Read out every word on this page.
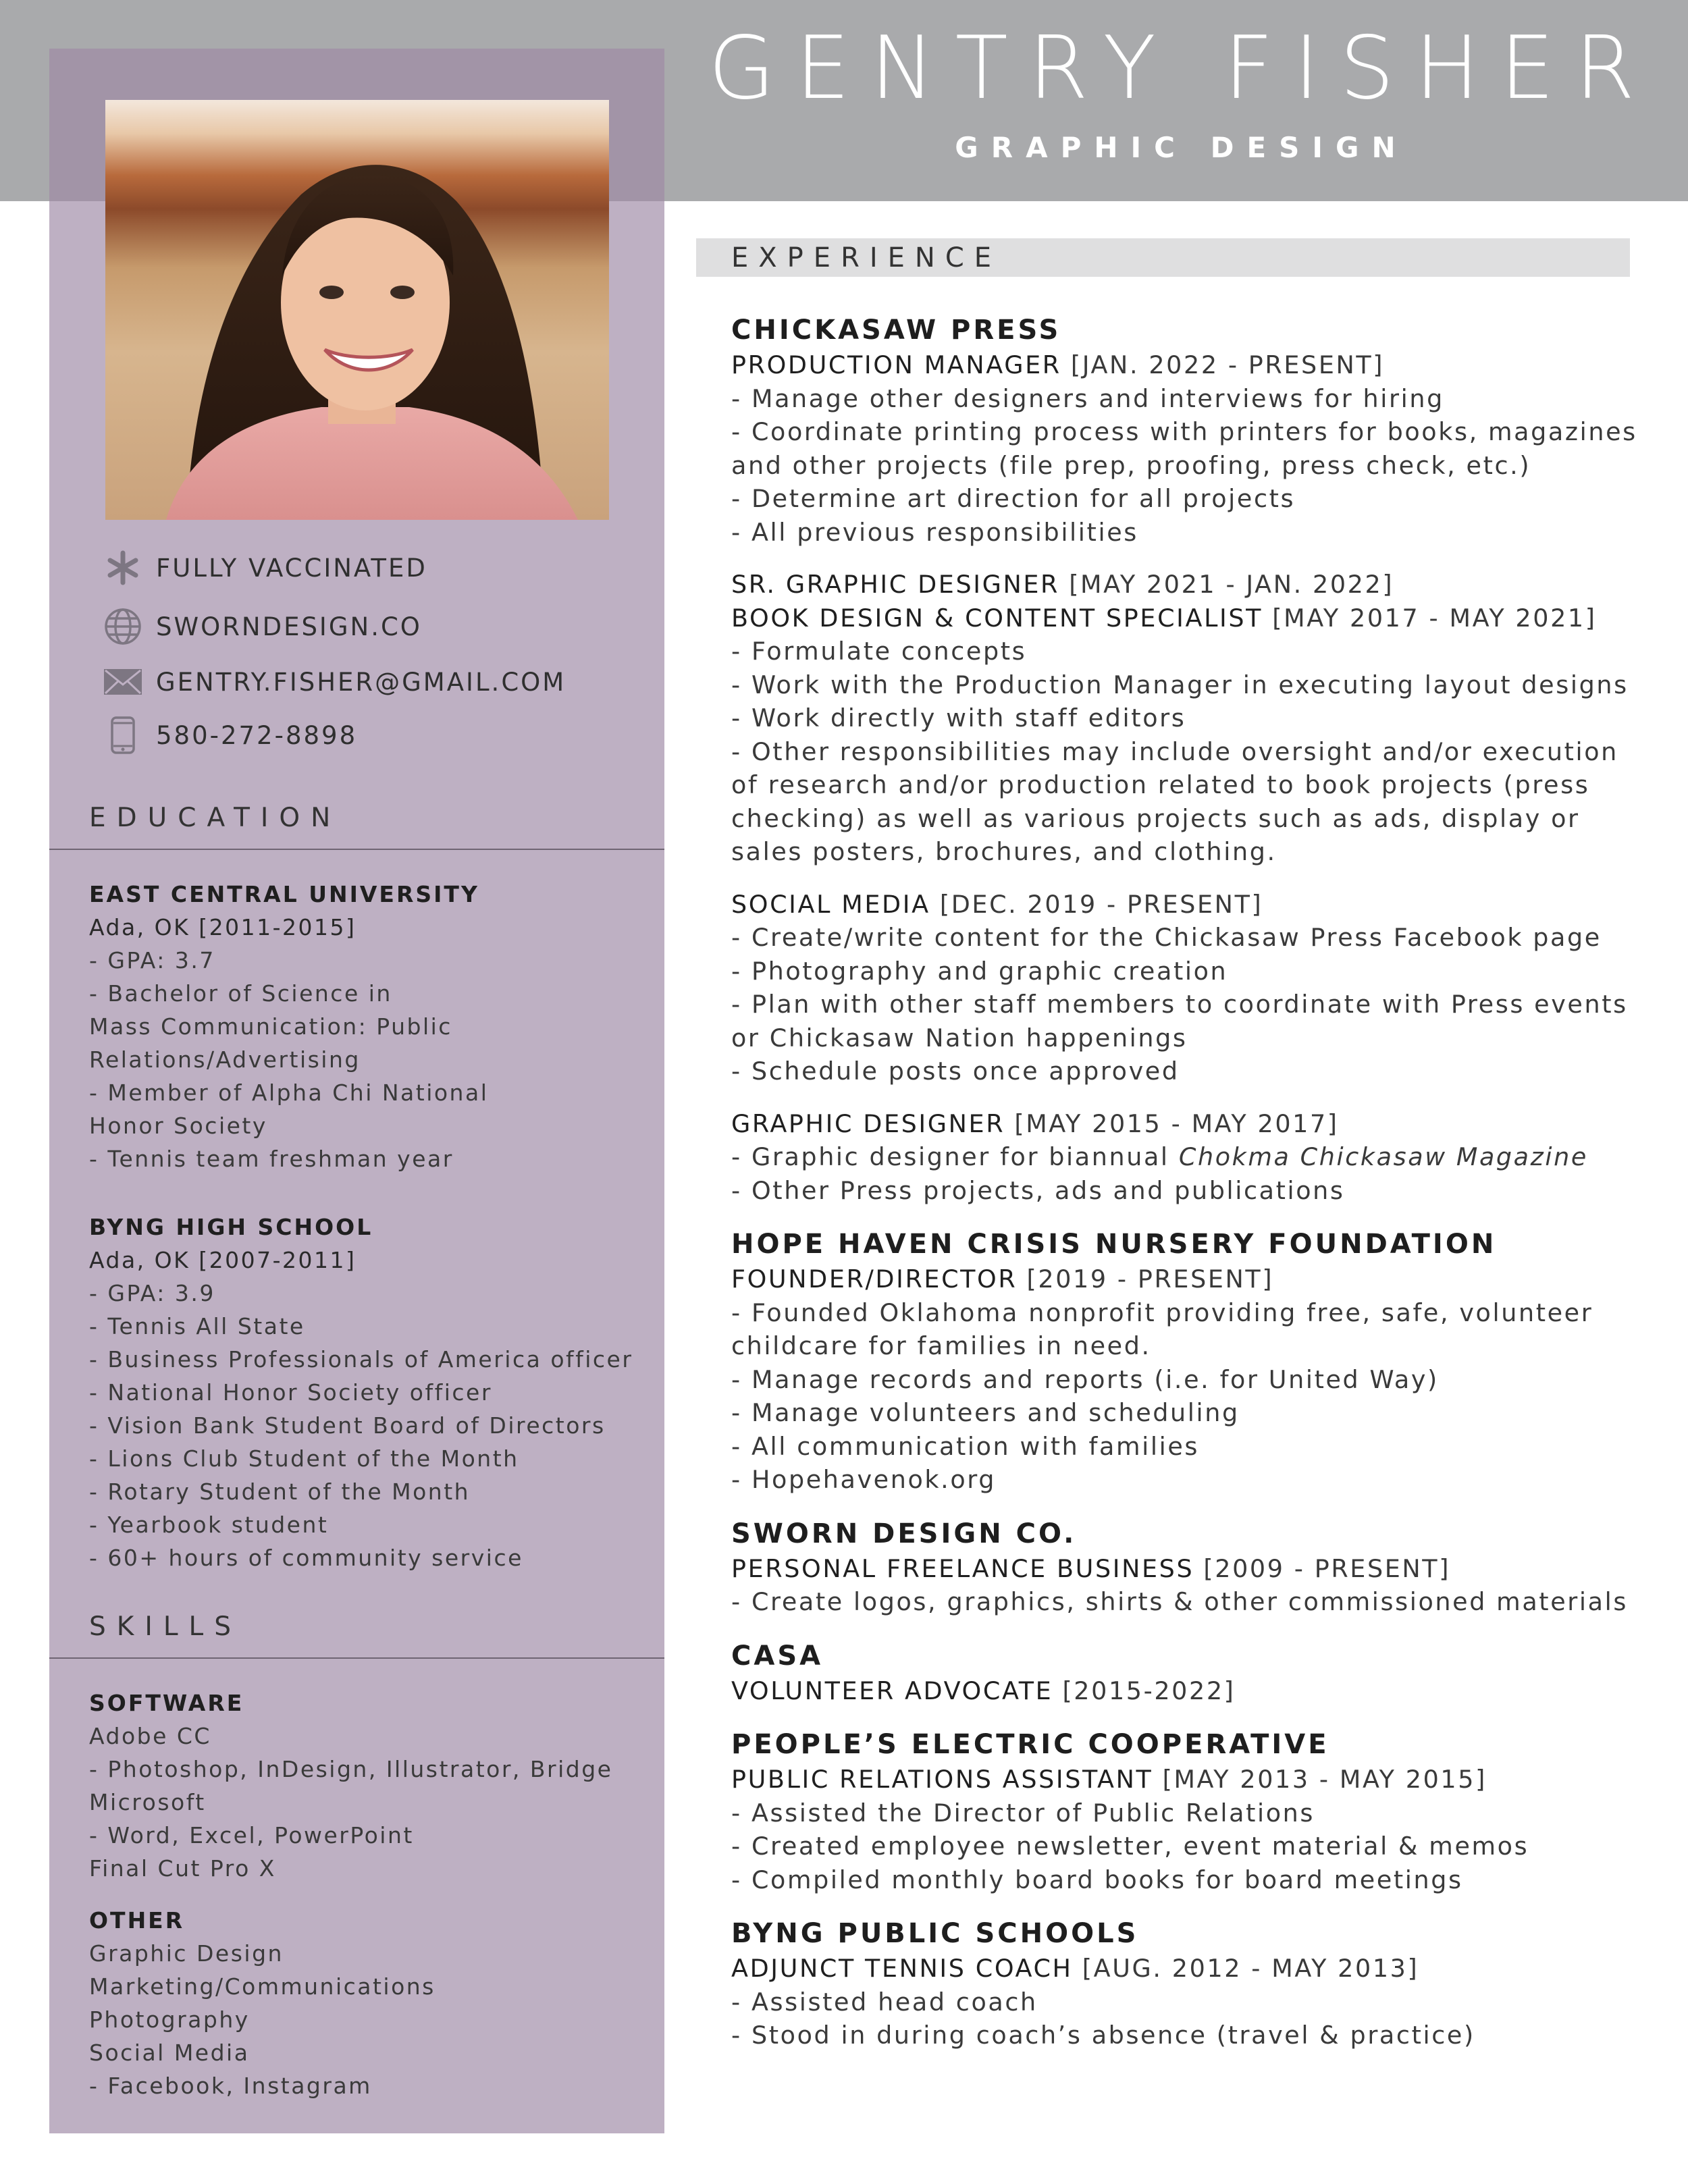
GENTRY FISHER
GRAPHIC DESIGN
FULLY VACCINATED
SWORNDESIGN.CO
GENTRY.FISHER@GMAIL.COM
580-272-8898
EDUCATION

EAST CENTRAL UNIVERSITY

Ada, OK [2011-2015]

- GPA: 3.7

- Bachelor of Science in

Mass Communication: Public

Relations/Advertising

- Member of Alpha Chi National

Honor Society

- Tennis team freshman year

BYNG HIGH SCHOOL

Ada, OK [2007-2011]

- GPA: 3.9

- Tennis All State

- Business Professionals of America officer

- National Honor Society officer

- Vision Bank Student Board of Directors

- Lions Club Student of the Month

- Rotary Student of the Month

- Yearbook student

- 60+ hours of community service

SKILLS

SOFTWARE

Adobe CC

- Photoshop, InDesign, Illustrator, Bridge

Microsoft

- Word, Excel, PowerPoint

Final Cut Pro X

OTHER

Graphic Design

Marketing/Communications

Photography

Social Media

- Facebook, Instagram

EXPERIENCE

CHICKASAW PRESS

PRODUCTION MANAGER [JAN. 2022 - PRESENT]

- Manage other designers and interviews for hiring

- Coordinate printing process with printers for books, magazines

and other projects (file prep, proofing, press check, etc.)

- Determine art direction for all projects

- All previous responsibilities

SR. GRAPHIC DESIGNER [MAY 2021 - JAN. 2022]

BOOK DESIGN & CONTENT SPECIALIST [MAY 2017 - MAY 2021]

- Formulate concepts

- Work with the Production Manager in executing layout designs

- Work directly with staff editors

- Other responsibilities may include oversight and/or execution

of research and/or production related to book projects (press

checking) as well as various projects such as ads, display or

sales posters, brochures, and clothing.

SOCIAL MEDIA [DEC. 2019 - PRESENT]

- Create/write content for the Chickasaw Press Facebook page

- Photography and graphic creation

- Plan with other staff members to coordinate with Press events

or Chickasaw Nation happenings

- Schedule posts once approved

GRAPHIC DESIGNER [MAY 2015 - MAY 2017]

- Graphic designer for biannual Chokma Chickasaw Magazine

- Other Press projects, ads and publications

HOPE HAVEN CRISIS NURSERY FOUNDATION

FOUNDER/DIRECTOR [2019 - PRESENT]

- Founded Oklahoma nonprofit providing free, safe, volunteer

childcare for families in need.

- Manage records and reports (i.e. for United Way)

- Manage volunteers and scheduling

- All communication with families

- Hopehavenok.org

SWORN DESIGN CO.

PERSONAL FREELANCE BUSINESS [2009 - PRESENT]

- Create logos, graphics, shirts & other commissioned materials

CASA

VOLUNTEER ADVOCATE [2015-2022]

PEOPLE’S ELECTRIC COOPERATIVE

PUBLIC RELATIONS ASSISTANT [MAY 2013 - MAY 2015]

- Assisted the Director of Public Relations

- Created employee newsletter, event material & memos

- Compiled monthly board books for board meetings

BYNG PUBLIC SCHOOLS

ADJUNCT TENNIS COACH [AUG. 2012 - MAY 2013]

- Assisted head coach

- Stood in during coach’s absence (travel & practice)
